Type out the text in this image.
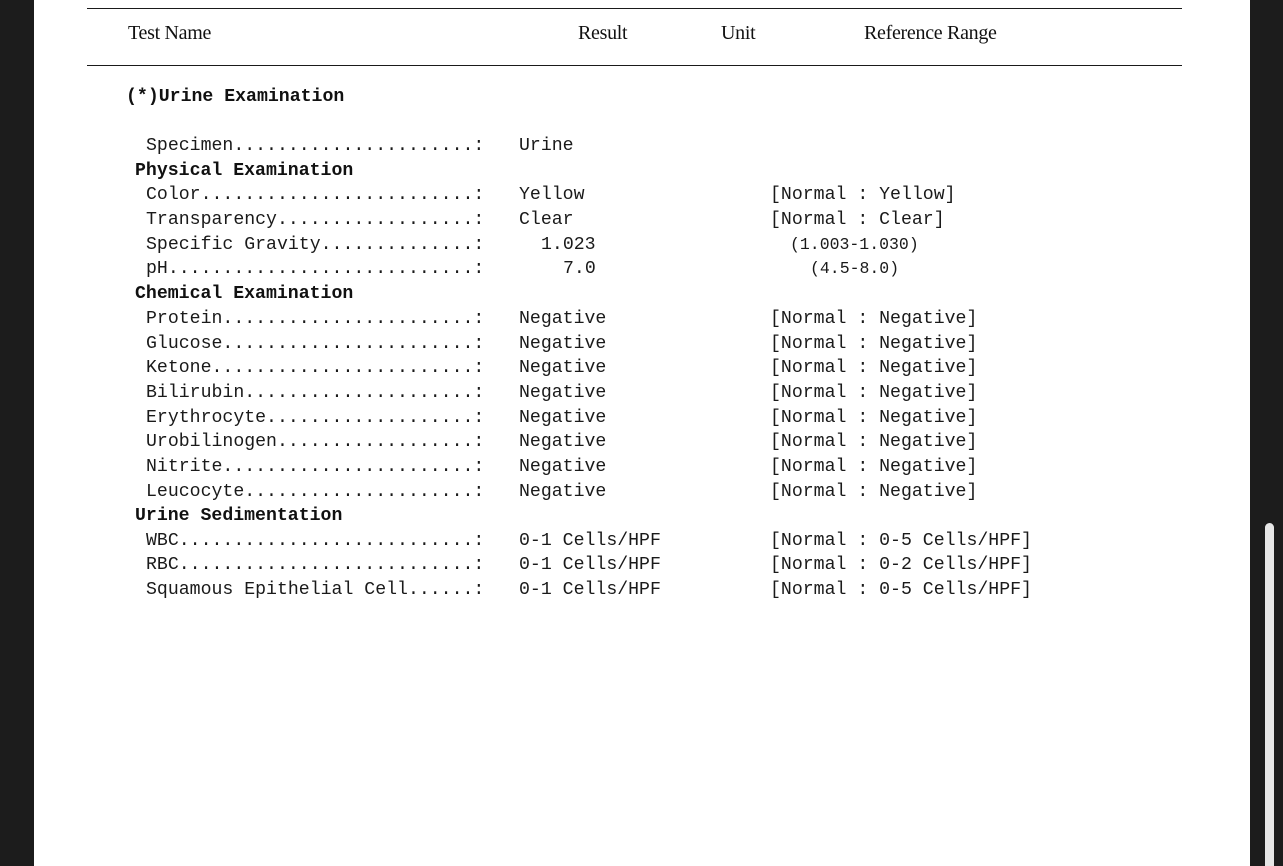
Test Name	Result	Unit	Reference Range
(*)Urine Examination
Specimen......................: Urine
Physical Examination
Color.........................: Yellow	[Normal : Yellow]
Transparency..................: Clear	[Normal : Clear]
Specific Gravity..............:	1.023	(1.003-1.030)
pH............................:	7.0	(4.5-8.0)
Chemical Examination
Protein.......................: Negative	[Normal : Negative]
Glucose.......................: Negative	[Normal : Negative]
Ketone........................: Negative	[Normal : Negative]
Bilirubin.....................: Negative	[Normal : Negative]
Erythrocyte...................: Negative	[Normal : Negative]
Urobilinogen..................: Negative	[Normal : Negative]
Nitrite.......................: Negative	[Normal : Negative]
Leucocyte.....................: Negative	[Normal : Negative]
Urine Sedimentation
WBC...........................: 0-1 Cells/HPF	[Normal : 0-5 Cells/HPF]
RBC...........................: 0-1 Cells/HPF	[Normal : 0-2 Cells/HPF]
Squamous Epithelial Cell......: 0-1 Cells/HPF	[Normal : 0-5 Cells/HPF]
